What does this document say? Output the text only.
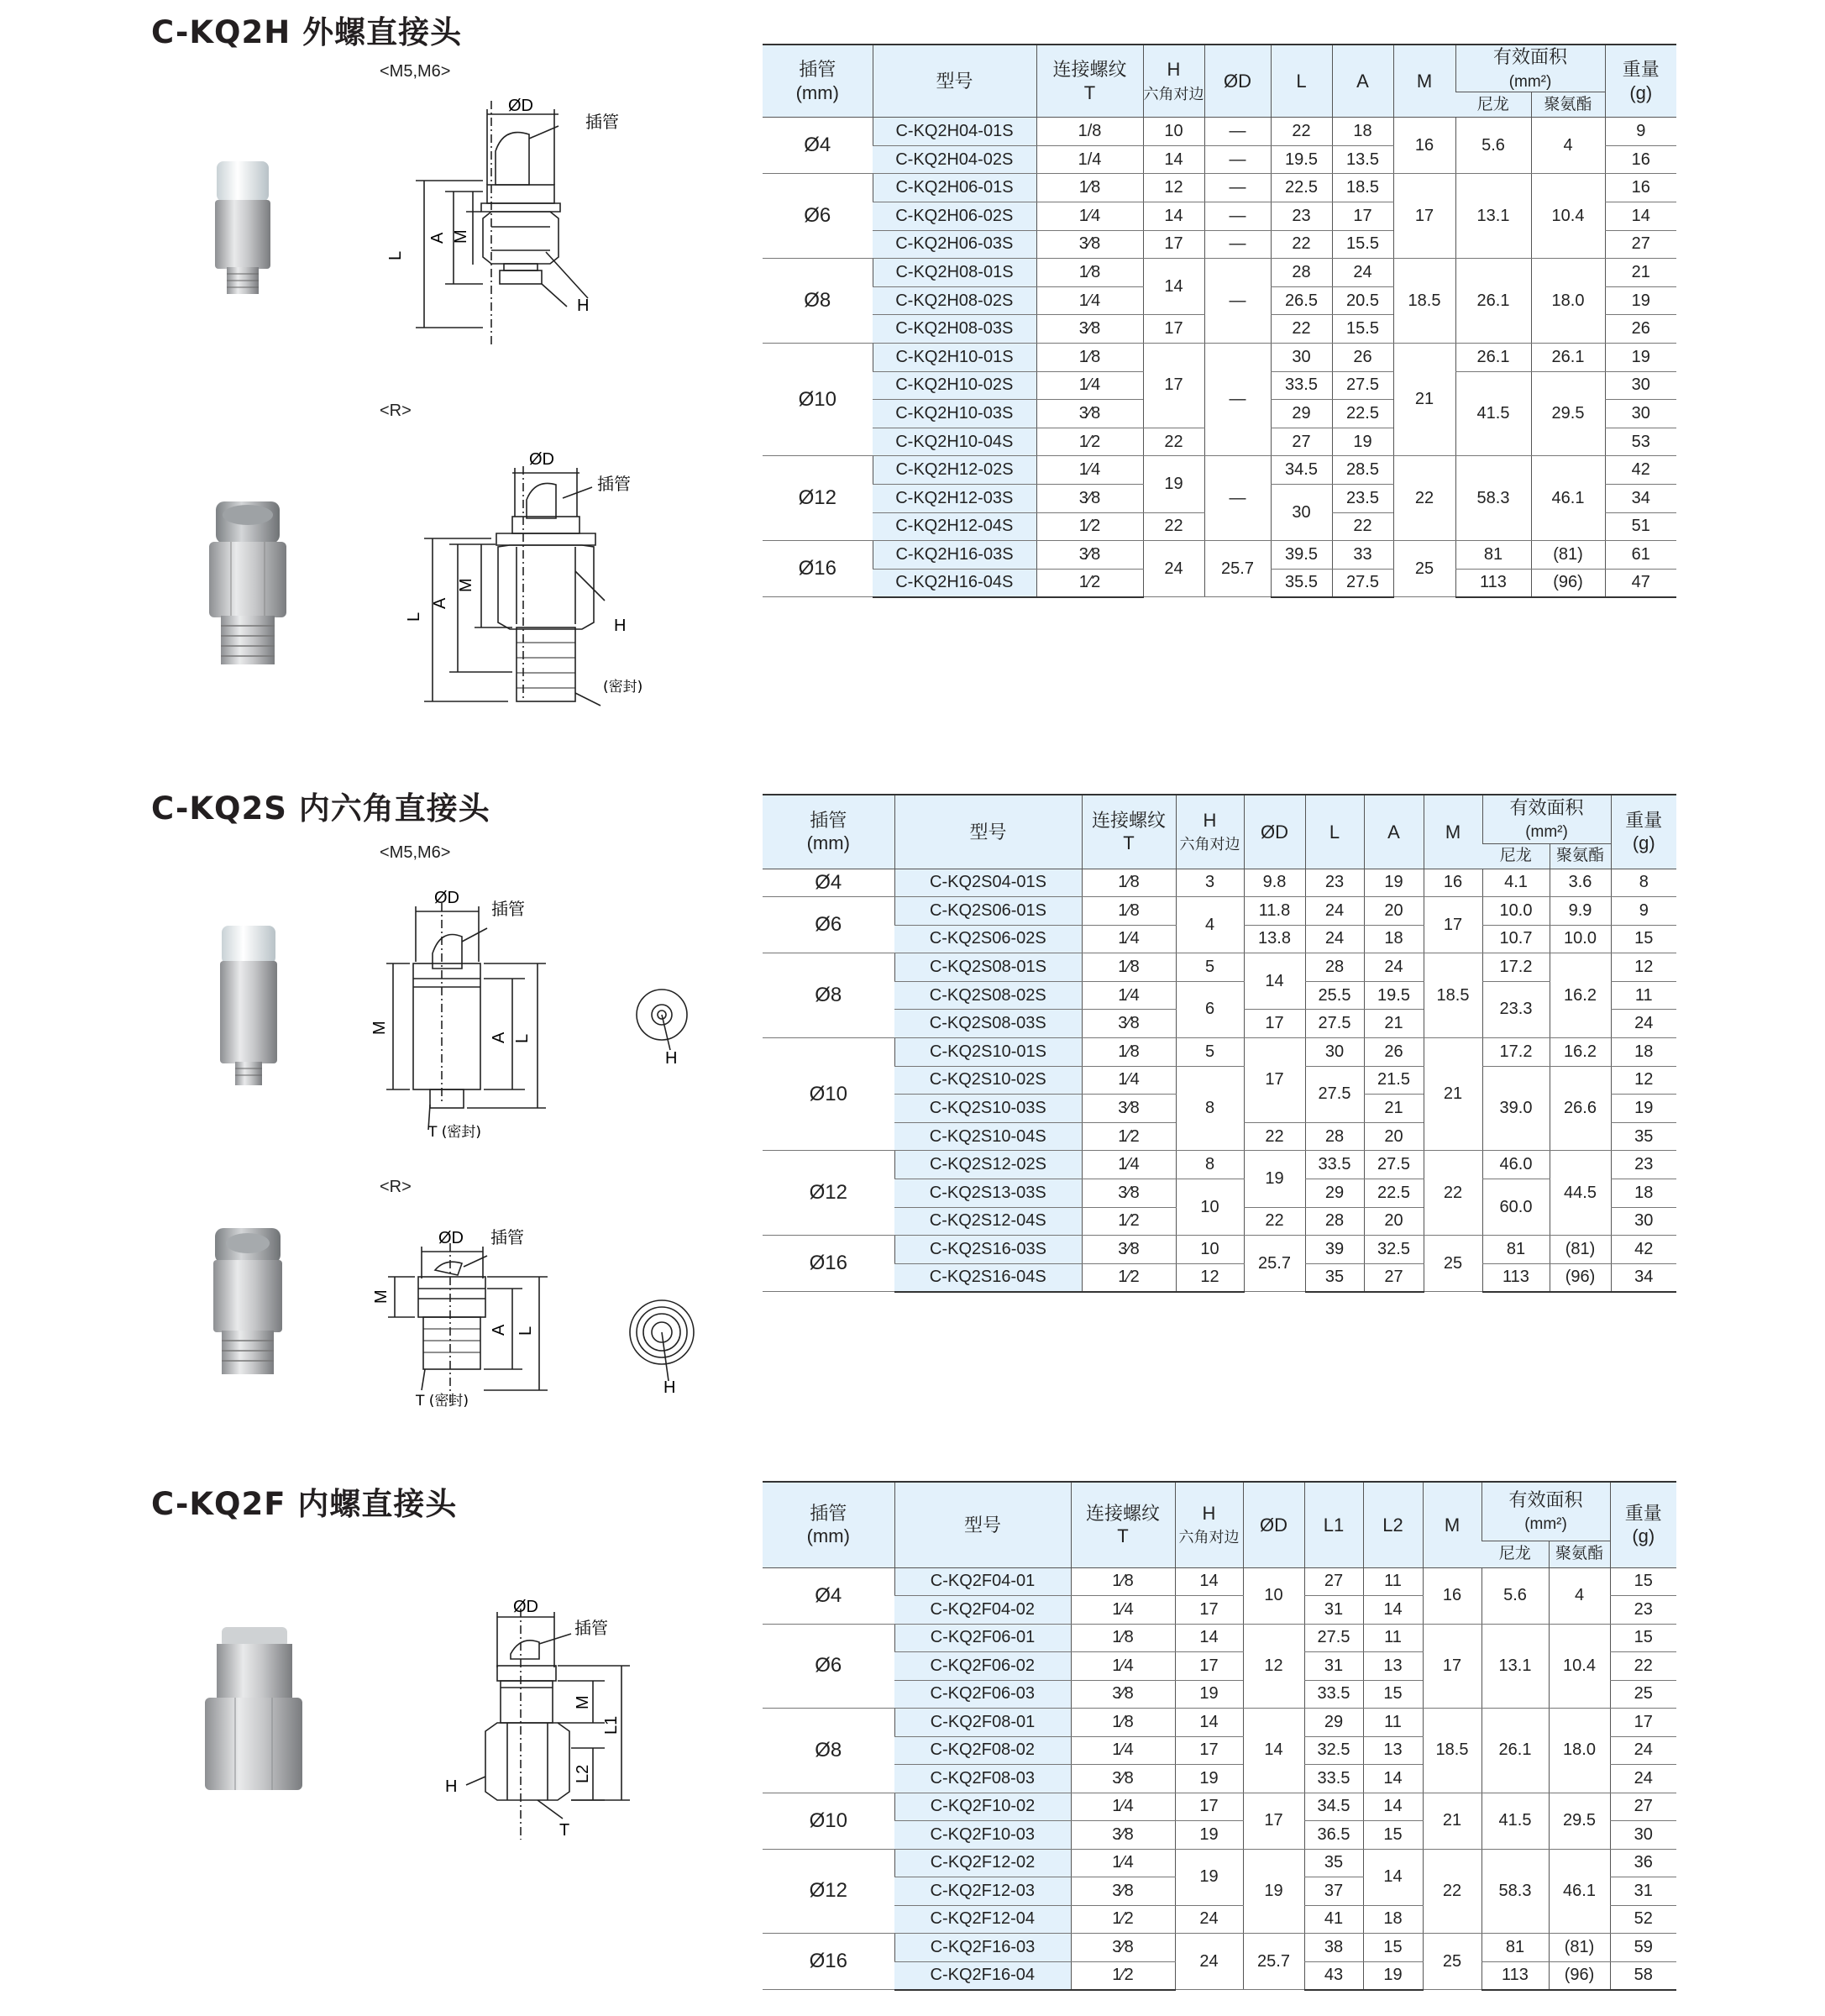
C-KQ2H 外螺直接头
<M5,M6>
<R>
ØD
插管
L
A M
H
ØD
插管
L
A
M
H
(密封)
插管
(mm)	型号	连接螺纹
T	H
六角对边	ØD	L	A	M	有效面积
(mm²)		重量
(g)
								尼龙	聚氨酯	
Ø4	C-KQ2H04-01S	1/8	10	—	22	18	16	5.6	4	9
	C-KQ2H04-02S	1/4	14	—	19.5	13.5				16
Ø6	C-KQ2H06-01S	1⁄8	12	—	22.5	18.5	17	13.1	10.4	16
	C-KQ2H06-02S	1⁄4	14	—	23	17				14
	C-KQ2H06-03S	3⁄8	17	—	22	15.5				27
Ø8	C-KQ2H08-01S	1⁄8	14	—	28	24	18.5	26.1	18.0	21
	C-KQ2H08-02S	1⁄4			26.5	20.5				19
	C-KQ2H08-03S	3⁄8	17		22	15.5				26
Ø10	C-KQ2H10-01S	1⁄8	17	—	30	26	21	26.1	26.1	19
	C-KQ2H10-02S	1⁄4			33.5	27.5		41.5	29.5	30
	C-KQ2H10-03S	3⁄8			29	22.5				30
	C-KQ2H10-04S	1⁄2	22		27	19				53
Ø12	C-KQ2H12-02S	1⁄4	19	—	34.5	28.5	22	58.3	46.1	42
	C-KQ2H12-03S	3⁄8			30	23.5				34
	C-KQ2H12-04S	1⁄2	22			22				51
Ø16	C-KQ2H16-03S	3⁄8	24	25.7	39.5	33	25	81	(81)	61
	C-KQ2H16-04S	1⁄2			35.5	27.5		113	(96)	47
C-KQ2S 内六角直接头
<M5,M6>
<R>
ØD
插管
M
A L
T (密封)
H
ØD 插管
M
A L
T (密封)
H
插管
(mm)	型号	连接螺纹
T	H
六角对边	ØD	L	A	M	有效面积
(mm²)		重量
(g)
								尼龙	聚氨酯	
Ø4	C-KQ2S04-01S	1⁄8	3	9.8	23	19	16	4.1	3.6	8
Ø6	C-KQ2S06-01S	1⁄8	4	11.8	24	20	17	10.0	9.9	9
	C-KQ2S06-02S	1⁄4		13.8	24	18		10.7	10.0	15
Ø8	C-KQ2S08-01S	1⁄8	5	14	28	24	18.5	17.2	16.2	12
	C-KQ2S08-02S	1⁄4	6		25.5	19.5		23.3		11
	C-KQ2S08-03S	3⁄8		17	27.5	21				24
Ø10	C-KQ2S10-01S	1⁄8	5	17	30	26	21	17.2	16.2	18
	C-KQ2S10-02S	1⁄4	8		27.5	21.5		39.0	26.6	12
	C-KQ2S10-03S	3⁄8				21				19
	C-KQ2S10-04S	1⁄2		22	28	20				35
Ø12	C-KQ2S12-02S	1⁄4	8	19	33.5	27.5	22	46.0	44.5	23
	C-KQ2S13-03S	3⁄8	10		29	22.5		60.0		18
	C-KQ2S12-04S	1⁄2		22	28	20				30
Ø16	C-KQ2S16-03S	3⁄8	10	25.7	39	32.5	25	81	(81)	42
	C-KQ2S16-04S	1⁄2	12		35	27		113	(96)	34
C-KQ2F 内螺直接头
ØD
插管
M
L2
L1
H
T
插管
(mm)	型号	连接螺纹
T	H
六角对边	ØD	L1	L2	M	有效面积
(mm²)		重量
(g)
								尼龙	聚氨酯	
Ø4	C-KQ2F04-01	1⁄8	14	10	27	11	16	5.6	4	15
	C-KQ2F04-02	1⁄4	17		31	14				23
Ø6	C-KQ2F06-01	1⁄8	14	12	27.5	11	17	13.1	10.4	15
	C-KQ2F06-02	1⁄4	17		31	13				22
	C-KQ2F06-03	3⁄8	19		33.5	15				25
Ø8	C-KQ2F08-01	1⁄8	14	14	29	11	18.5	26.1	18.0	17
	C-KQ2F08-02	1⁄4	17		32.5	13				24
	C-KQ2F08-03	3⁄8	19		33.5	14				24
Ø10	C-KQ2F10-02	1⁄4	17	17	34.5	14	21	41.5	29.5	27
	C-KQ2F10-03	3⁄8	19		36.5	15				30
Ø12	C-KQ2F12-02	1⁄4	19	19	35	14	22	58.3	46.1	36
	C-KQ2F12-03	3⁄8			37					31
	C-KQ2F12-04	1⁄2	24		41	18				52
Ø16	C-KQ2F16-03	3⁄8	24	25.7	38	15	25	81	(81)	59
	C-KQ2F16-04	1⁄2			43	19		113	(96)	58
